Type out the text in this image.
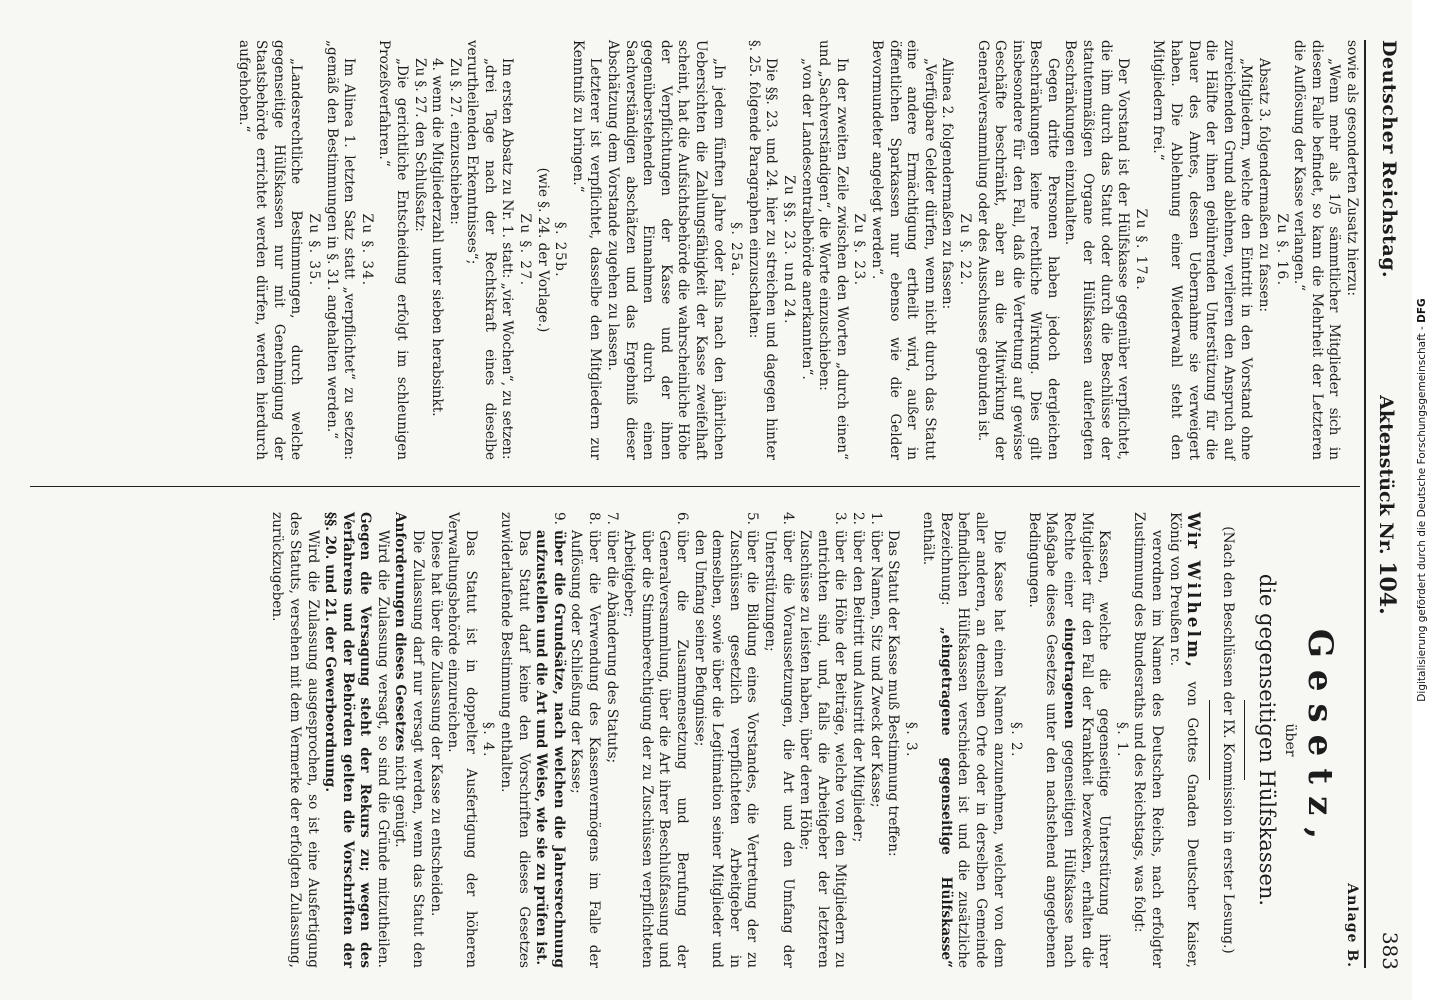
Deutscher Reichstag.
Aktenstück Nr. 104.
383

sowie als gesonderten Zusatz hierzu:

„Wenn mehr als 1/5 sämmtlicher Mitglieder sich in diesem Falle befindet, so kann die Mehrheit der Letzteren die Auflösung der Kasse verlangen.“

Zu §. 16.

Absatz 3. folgendermaßen zu fassen:

„Mitgliedern, welche den Eintritt in den Vorstand ohne zureichenden Grund ablehnen, verlieren den Anspruch auf die Hälfte der ihnen gebührenden Unterstützung für die Dauer des Amtes, dessen Uebernahme sie verweigert haben. Die Ablehnung einer Wiederwahl steht den Mitgliedern frei.“

Zu §. 17a.

Der Vorstand ist der Hülfskasse gegenüber verpflichtet, die ihm durch das Statut oder durch die Beschlüsse der statutenmäßigen Organe der Hülfskassen auferlegten Beschränkungen einzuhalten.

Gegen dritte Personen haben jedoch dergleichen Beschränkungen keine rechtliche Wirkung. Dies gilt insbesondere für den Fall, daß die Vertretung auf gewisse Geschäfte beschränkt, aber an die Mitwirkung der Generalversammlung oder des Ausschusses gebunden ist.

Zu §. 22.

Alinea 2. folgendermaßen zu fassen:

„Verfügbare Gelder dürfen, wenn nicht durch das Statut eine andere Ermächtigung ertheilt wird, außer in öffentlichen Sparkassen nur ebenso wie die Gelder Bevormundeter angelegt werden“.

Zu §. 23.

In der zweiten Zeile zwischen den Worten „durch einen“ und „Sachverständigen“, die Worte einzuschieben:

„von der Landescentralbehörde anerkannten“.

Zu §§. 23. und 24.

Die §§. 23. und 24. hier zu streichen und dagegen hinter §. 25. folgende Paragraphen einzuschalten:

§. 25a.

„In jedem fünften Jahre oder falls nach den jährlichen Uebersichten die Zahlungsfähigkeit der Kasse zweifelhaft scheint, hat die Aufsichtsbehörde die wahrscheinliche Höhe der Verpflichtungen der Kasse und der ihnen gegenüberstehenden Einnahmen durch einen Sachverständigen abschätzen und das Ergebniß dieser Abschätzung dem Vorstande zugehen zu lassen.

Letzterer ist verpflichtet, dasselbe den Mitgliedern zur Kenntniß zu bringen.“

§. 25b.

(wie §. 24. der Vorlage.)

Zu §. 27.

Im ersten Absatz zu Nr. 1. statt: „vier Wochen“, zu setzen:

„drei Tage nach der Rechtskraft eines dieselbe verurtheilenden Erkenntnisses“;

Zu §. 27. einzuschieben:

4. wenn die Mitgliederzahl unter sieben herabsinkt.

Zu §. 27. den Schlußsatz:

„Die gerichtliche Entscheidung erfolgt im schleunigen Prozeßverfahren.“

Zu §. 34.

Im Alinea 1. letzten Satz statt „verpflichtet“ zu setzen: „gemäß den Bestimmungen in §. 31. angehalten werden.“

Zu §. 35.

„Landesrechtliche Bestimmungen, durch welche gegenseitige Hülfskassen nur mit Genehmigung der Staatsbehörde errichtet werden dürfen, werden hierdurch aufgehoben.“

Anlage B.

Gesetz,

über

die gegenseitigen Hülfskassen.

(Nach den Beschlüssen der IX. Kommission in erster Lesung.)

Wir Wilhelm, von Gottes Gnaden Deutscher Kaiser, König von Preußen rc.

verordnen im Namen des Deutschen Reichs, nach erfolgter Zustimmung des Bundesraths und des Reichstags, was folgt:

§. 1.

Kassen, welche die gegenseitige Unterstützung ihrer Mitglieder für den Fall der Krankheit bezwecken, erhalten die Rechte einer eingetragenen gegenseitigen Hülfskasse nach Maßgabe dieses Gesetzes unter den nachstehend angegebenen Bedingungen.

§. 2.

Die Kasse hat einen Namen anzunehmen, welcher von dem aller anderen, an demselben Orte oder in derselben Gemeinde befindlichen Hülfskassen verschieden ist und die zusätzliche Bezeichnung: „eingetragene gegenseitige Hülfskasse“ enthält.

§. 3.

Das Statut der Kasse muß Bestimmung treffen:

1.
über Namen, Sitz und Zweck der Kasse;
2.
über den Beitritt und Austritt der Mitglieder;
3.
über die Höhe der Beiträge, welche von den Mitgliedern zu entrichten sind, und, falls die Arbeitgeber der letzteren Zuschüsse zu leisten haben, über deren Höhe;
4.
über die Voraussetzungen, die Art und den Umfang der Unterstützungen;
5.
über die Bildung eines Vorstandes, die Vertretung der zu Zuschüssen gesetzlich verpflichteten Arbeitgeber in demselben, sowie über die Legitimation seiner Mitglieder und den Umfang seiner Befugnisse;
6.
über die Zusammensetzung und Berufung der Generalversammlung, über die Art ihrer Beschlußfassung und über die Stimmberechtigung der zu Zuschüssen verpflichteten Arbeitgeber;
7.
über die Abänderung des Statuts;
8.
über die Verwendung des Kassenvermögens im Falle der Auflösung oder Schließung der Kasse;
9.
über die Grundsätze, nach welchen die Jahresrechnung aufzustellen und die Art und Weise, wie sie zu prüfen ist.

Das Statut darf keine den Vorschriften dieses Gesetzes zuwiderlaufende Bestimmung enthalten.

§. 4.

Das Statut ist in doppelter Ausfertigung der höheren Verwaltungsbehörde einzureichen.

Diese hat über die Zulassung der Kasse zu entscheiden.

Die Zulassung darf nur versagt werden, wenn das Statut den Anforderungen dieses Gesetzes nicht genügt.

Wird die Zulassung versagt, so sind die Gründe mitzutheilen. Gegen die Versagung steht der Rekurs zu; wegen des Verfahrens und der Behörden gelten die Vorschriften der §§. 20. und 21. der Gewerbeordnung.

Wird die Zulassung ausgesprochen, so ist eine Ausfertigung des Statuts, versehen mit dem Vermerke der erfolgten Zulassung, zurückzugeben.	Digitalisierung gefördert durch die Deutsche Forschungsgemeinschaft - DFG
